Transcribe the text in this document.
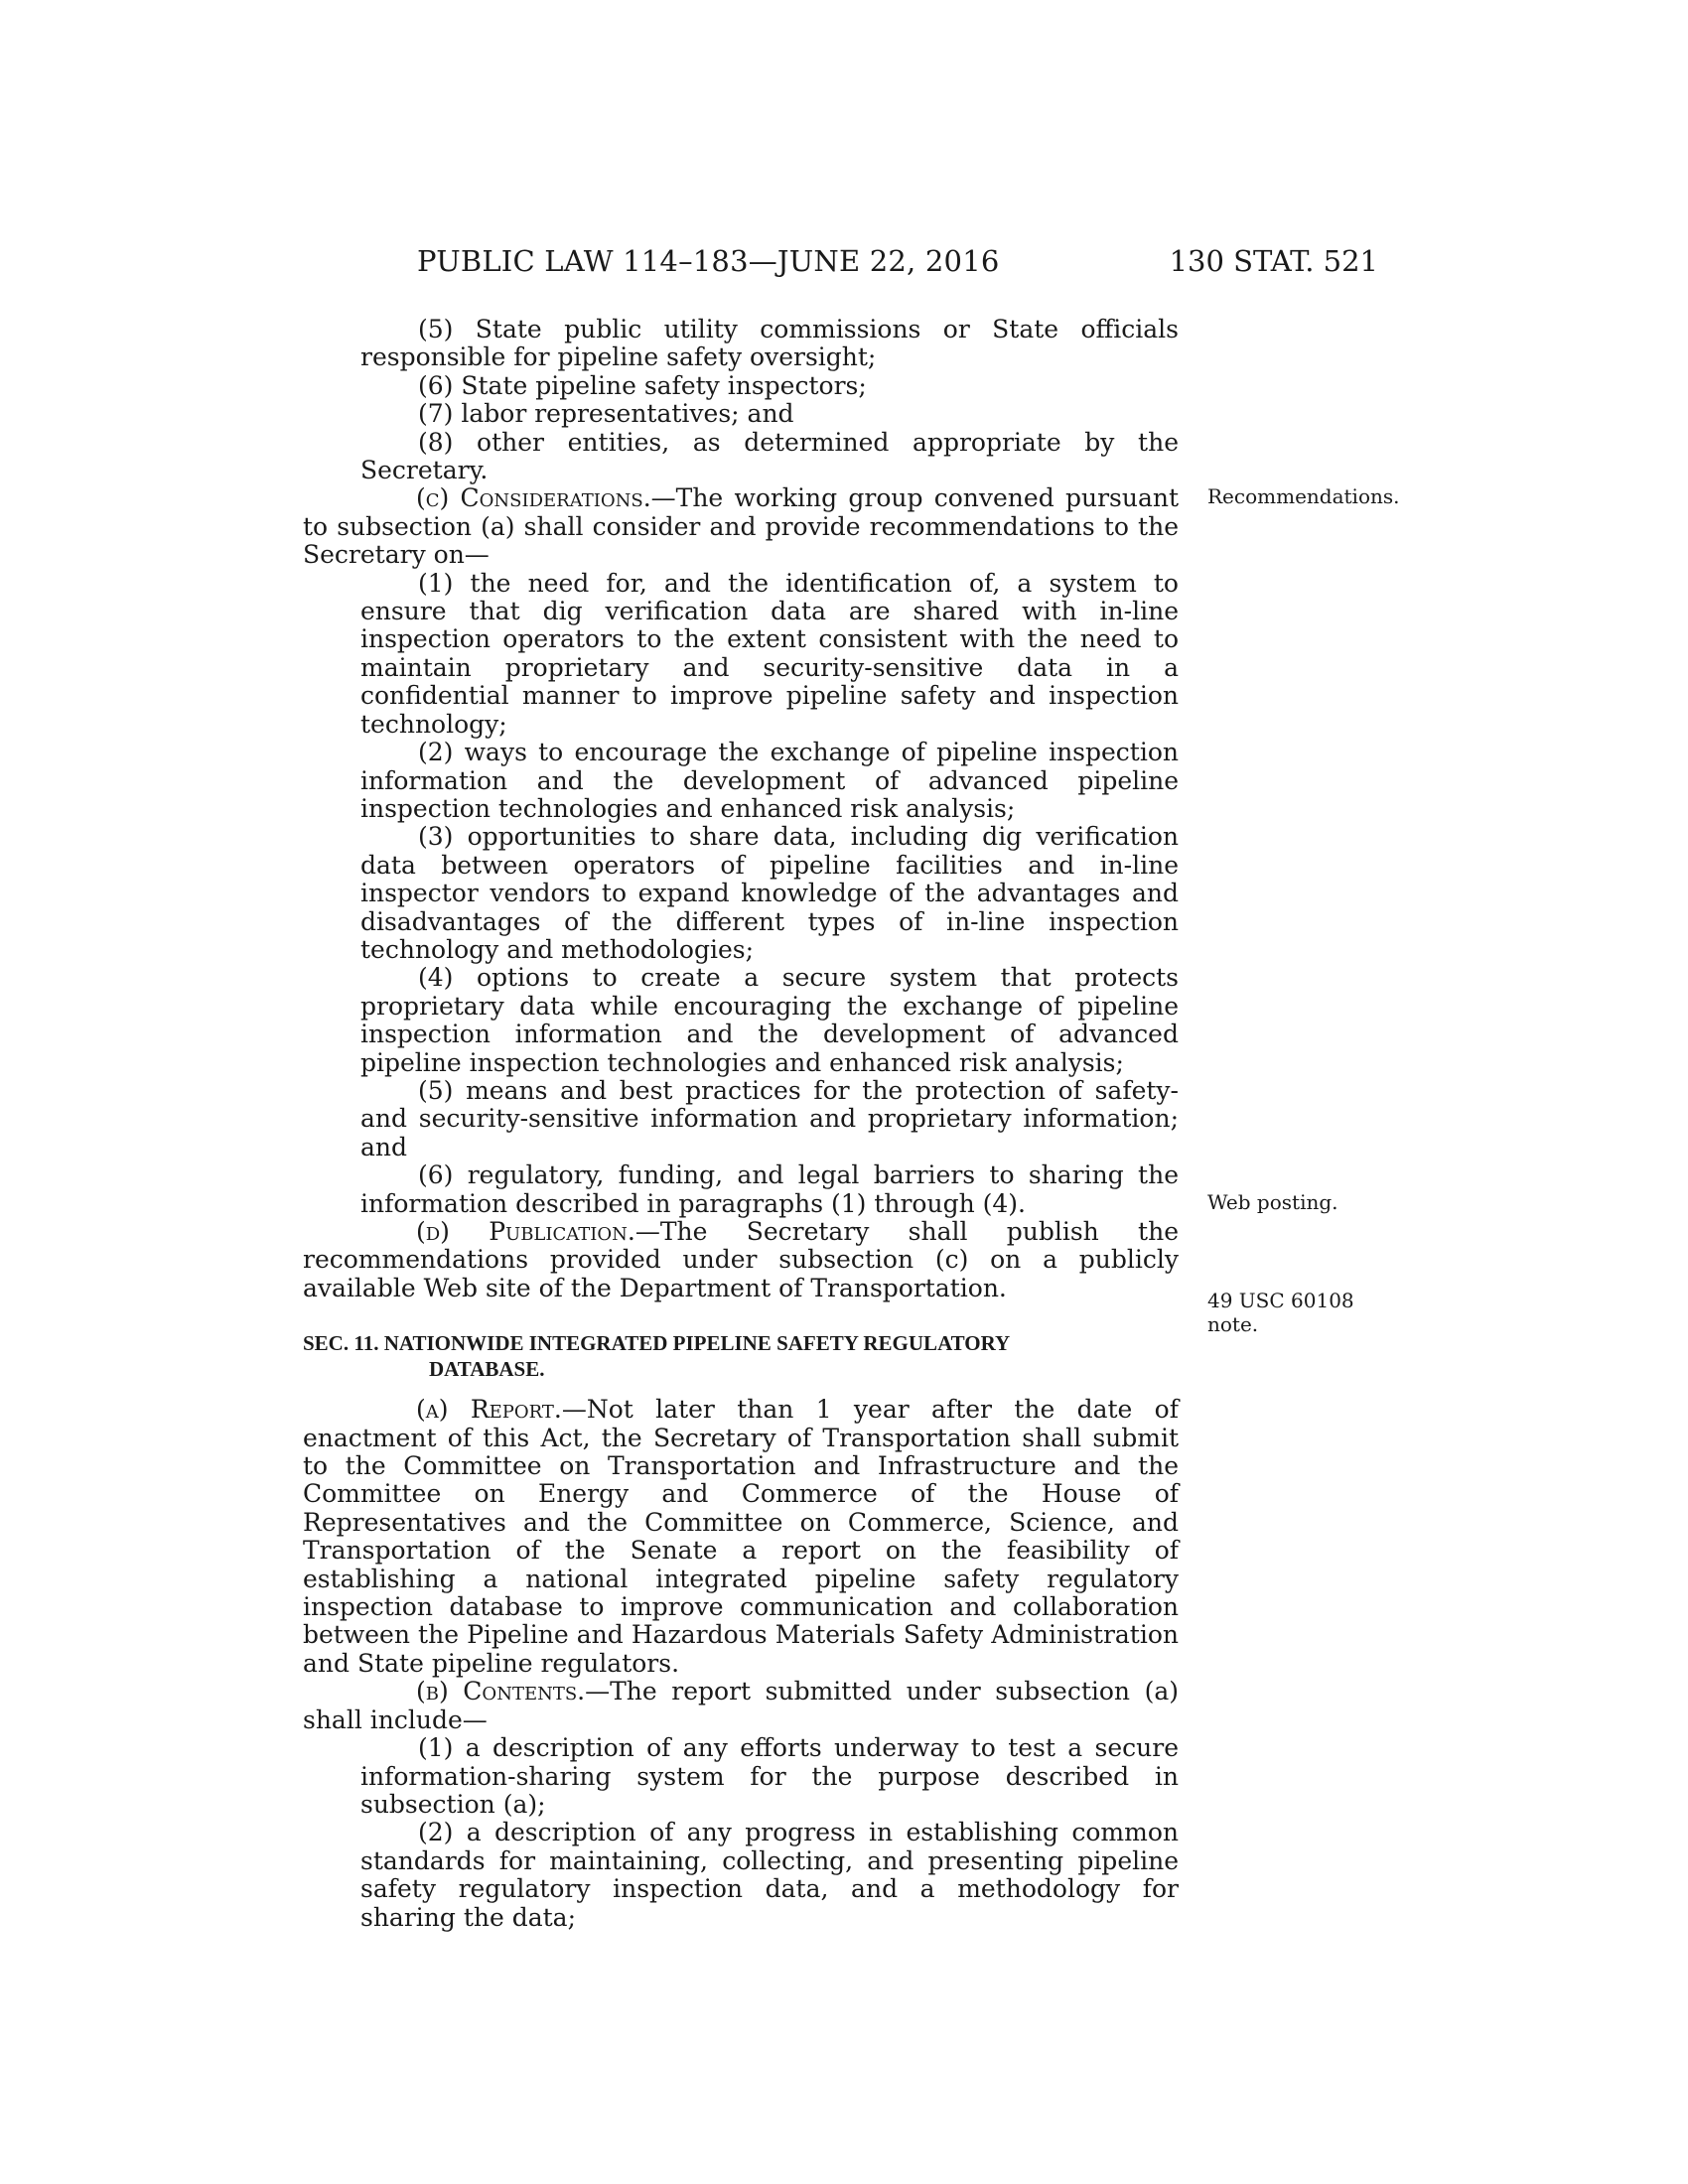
PUBLIC LAW 114–183—JUNE 22, 2016	130 STAT. 521
Recommendations.
Web posting.
49 USC 60108 note.

(5) State public utility commissions or State officials responsible for pipeline safety oversight;

(6) State pipeline safety inspectors;

(7) labor representatives; and

(8) other entities, as determined appropriate by the Secretary.

(c) Considerations.—The working group convened pursuant to subsection (a) shall consider and provide recommendations to the Secretary on—

(1) the need for, and the identification of, a system to ensure that dig verification data are shared with in-line inspection operators to the extent consistent with the need to maintain proprietary and security-sensitive data in a confidential manner to improve pipeline safety and inspection technology;

(2) ways to encourage the exchange of pipeline inspection information and the development of advanced pipeline inspection technologies and enhanced risk analysis;

(3) opportunities to share data, including dig verification data between operators of pipeline facilities and in-line inspector vendors to expand knowledge of the advantages and disadvantages of the different types of in-line inspection technology and methodologies;

(4) options to create a secure system that protects proprietary data while encouraging the exchange of pipeline inspection information and the development of advanced pipeline inspection technologies and enhanced risk analysis;

(5) means and best practices for the protection of safety- and security-sensitive information and proprietary information; and

(6) regulatory, funding, and legal barriers to sharing the information described in paragraphs (1) through (4).

(d) Publication.—The Secretary shall publish the recommendations provided under subsection (c) on a publicly available Web site of the Department of Transportation.

SEC. 11. NATIONWIDE INTEGRATED PIPELINE SAFETY REGULATORY
DATABASE.

(a) Report.—Not later than 1 year after the date of enactment of this Act, the Secretary of Transportation shall submit to the Committee on Transportation and Infrastructure and the Committee on Energy and Commerce of the House of Representatives and the Committee on Commerce, Science, and Transportation of the Senate a report on the feasibility of establishing a national integrated pipeline safety regulatory inspection database to improve communication and collaboration between the Pipeline and Hazardous Materials Safety Administration and State pipeline regulators.

(b) Contents.—The report submitted under subsection (a) shall include—

(1) a description of any efforts underway to test a secure information-sharing system for the purpose described in subsection (a);

(2) a description of any progress in establishing common standards for maintaining, collecting, and presenting pipeline safety regulatory inspection data, and a methodology for sharing the data;
